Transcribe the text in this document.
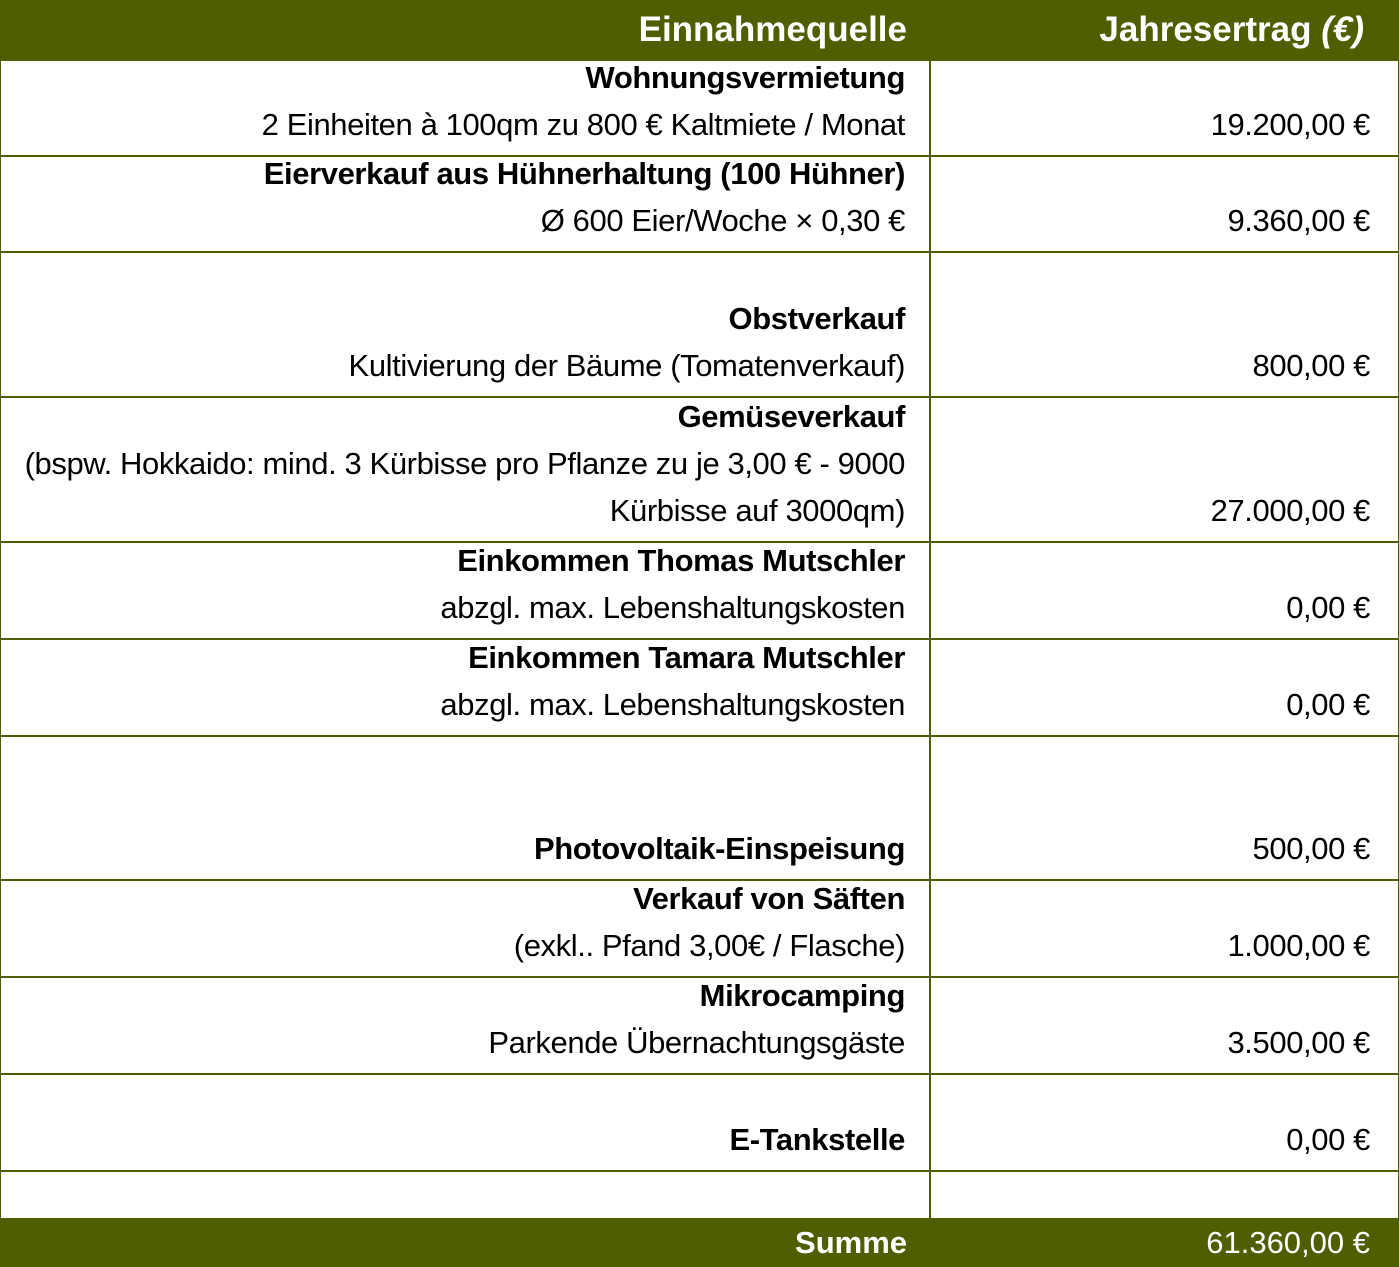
Einnahmequelle	Jahresertrag (€)
Wohnungsvermietung
2 Einheiten à 100qm zu 800 € Kaltmiete / Monat	19.200,00 €
Eierverkauf aus Hühnerhaltung (100 Hühner)
Ø 600 Eier/Woche × 0,30 €	9.360,00 €
Obstverkauf
Kultivierung der Bäume (Tomatenverkauf)	800,00 €
Gemüseverkauf
(bspw. Hokkaido: mind. 3 Kürbisse pro Pflanze zu je 3,00 € - 9000
Kürbisse auf 3000qm)	27.000,00 €
Einkommen Thomas Mutschler
abzgl. max. Lebenshaltungskosten	0,00 €
Einkommen Tamara Mutschler
abzgl. max. Lebenshaltungskosten	0,00 €
Photovoltaik-Einspeisung	500,00 €
Verkauf von Säften
(exkl.. Pfand 3,00€ / Flasche)	1.000,00 €
Mikrocamping
Parkende Übernachtungsgäste	3.500,00 €
E-Tankstelle	0,00 €
Summe	61.360,00 €
